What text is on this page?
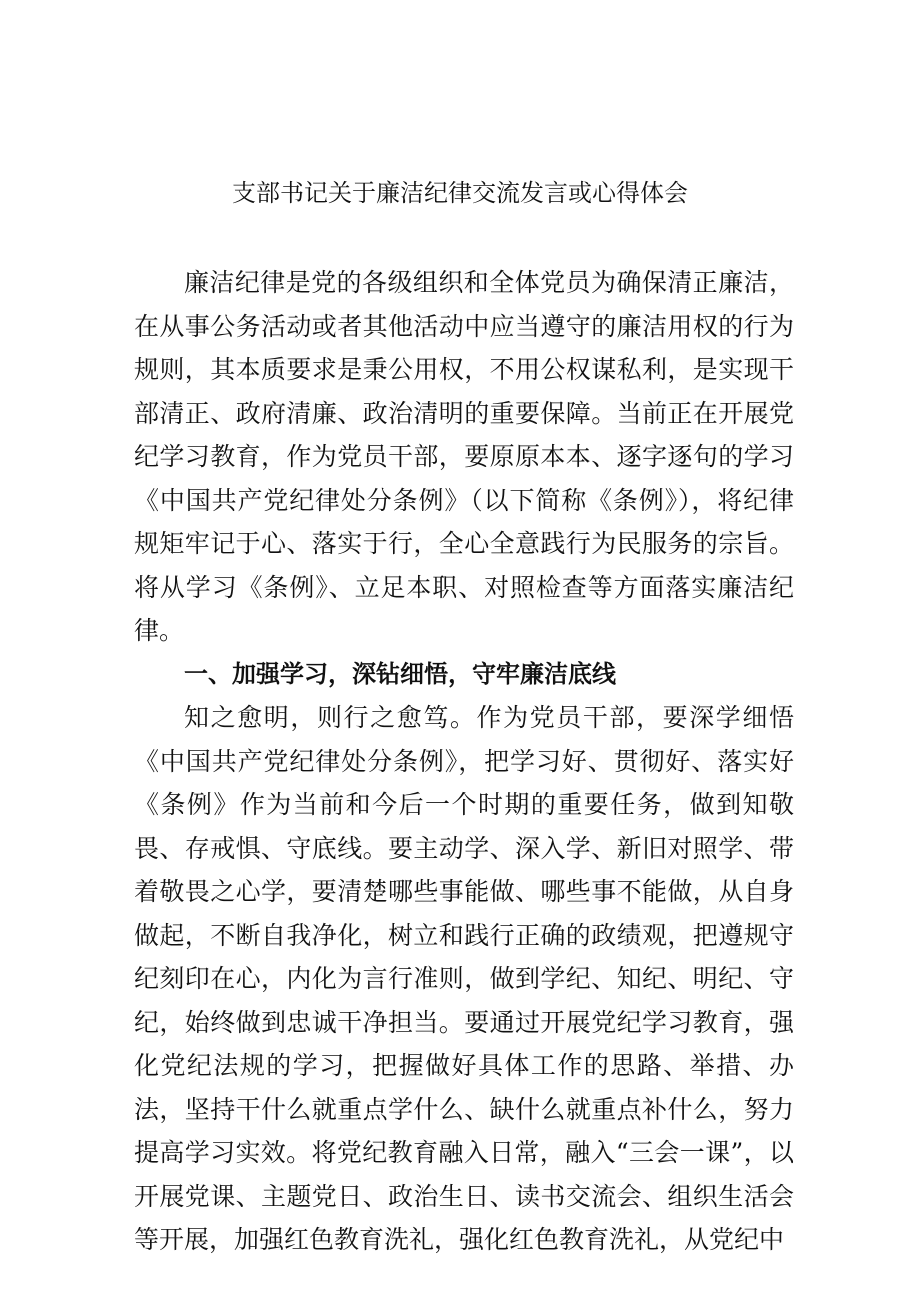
支部书记关于廉洁纪律交流发言或心得体会

廉洁纪律是党的各级组织和全体党员为确保清正廉洁，在从事公务活动或者其他活动中应当遵守的廉洁用权的行为规则，其本质要求是秉公用权，不用公权谋私利，是实现干部清正、政府清廉、政治清明的重要保障。当前正在开展党纪学习教育，作为党员干部，要原原本本、逐字逐句的学习《中国共产党纪律处分条例》（以下简称《条例》），将纪律规矩牢记于心、落实于行，全心全意践行为民服务的宗旨。将从学习《条例》、立足本职、对照检查等方面落实廉洁纪律。

一、加强学习，深钻细悟，守牢廉洁底线

知之愈明，则行之愈笃。作为党员干部，要深学细悟《中国共产党纪律处分条例》，把学习好、贯彻好、落实好《条例》作为当前和今后一个时期的重要任务，做到知敬畏、存戒惧、守底线。要主动学、深入学、新旧对照学、带着敬畏之心学，要清楚哪些事能做、哪些事不能做，从自身做起，不断自我净化，树立和践行正确的政绩观，把遵规守纪刻印在心，内化为言行准则，做到学纪、知纪、明纪、守纪，始终做到忠诚干净担当。要通过开展党纪学习教育，强化党纪法规的学习，把握做好具体工作的思路、举措、办法，坚持干什么就重点学什么、缺什么就重点补什么，努力提高学习实效。将党纪教育融入日常，融入“三会一课”，以开展党课、主题党日、政治生日、读书交流会、组织生活会等开展，加强红色教育洗礼，强化红色教育洗礼，从党纪中
